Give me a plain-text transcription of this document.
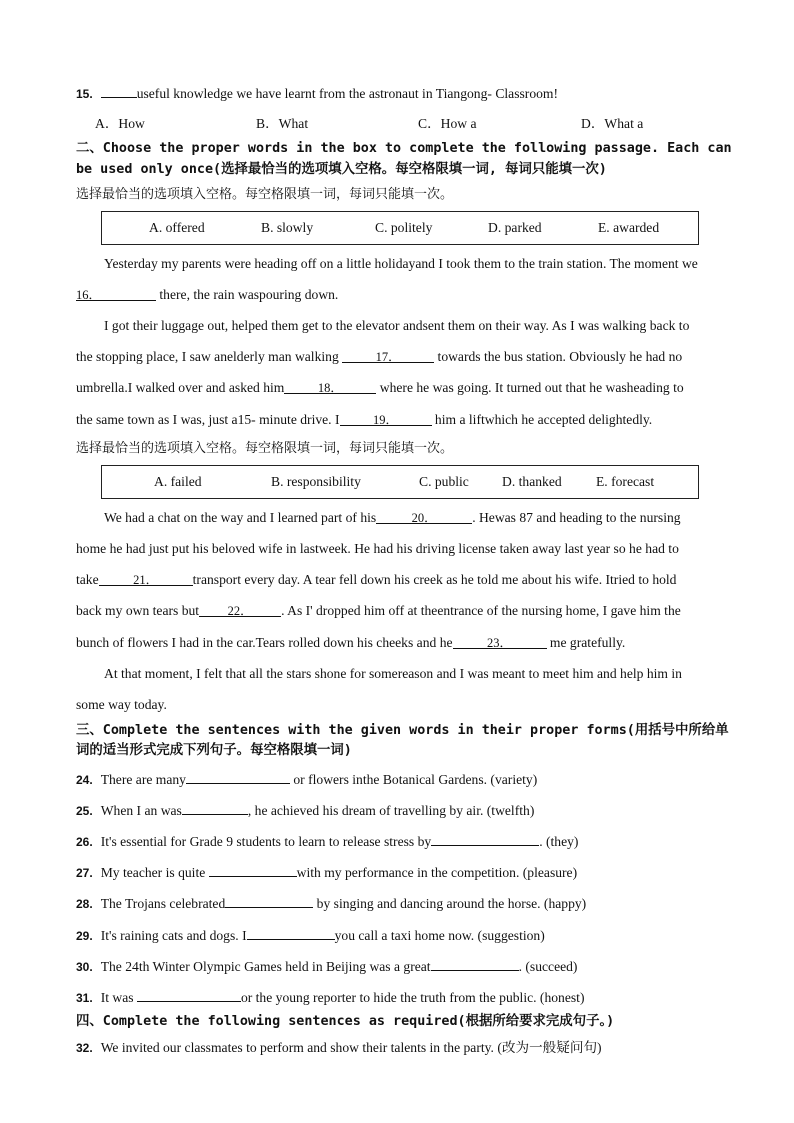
15.	useful knowledge we have learnt from the astronaut in Tiangong- Classroom!
A．How	B．What	C．How a	D．What a
二、Choose the proper words in the box to complete the following passage. Each can
be used only once(选择最恰当的选项填入空格。每空格限填一词, 每词只能填一次)
选择最恰当的选项填入空格。每空格限填一词，每词只能填一次。
A. offered	B. slowly	C. politely	D. parked	E. awarded
Yesterday my parents were heading off on a little holidayand I took them to the train station. The moment we
16．	there, the rain waspouring down.
I got their luggage out, helped them get to the elevator andsent them on their way. As I was walking back to
the stopping place, I saw anelderly man walking	17． towards the bus station. Obviously he had no
umbrella.I walked over and asked him	18． where he was going. It turned out that he washeading to
the same town as I was, just a15- minute drive. I	19． him a liftwhich he accepted delightedly.
选择最恰当的选项填入空格。每空格限填一词，每词只能填一次。
A. failed	B. responsibility	C. public D. thanked	E. forecast
We had a chat on the way and I learned part of his	20．	. Hewas 87 and heading to the nursing
home he had just put his beloved wife in lastweek. He had his driving license taken away last year so he had to
take	21．	transport every day. A tear fell down his creek as he told me about his wife. Itried to hold
back my own tears but 22． . As I' dropped him off at theentrance of the nursing home, I gave him the
bunch of flowers I had in the car.Tears rolled down his cheeks and he	23．	me gratefully.
At that moment, I felt that all the stars shone for somereason and I was meant to meet him and help him in
some way today.
三、Complete the sentences with the given words in their proper forms(用括号中所给单
词的适当形式完成下列句子。每空格限填一词)
24. There are many	or flowers inthe Botanical Gardens. (variety)
25. When I an was	, he achieved his dream of travelling by air. (twelfth)
26. It's essential for Grade 9 students to learn to release stress by	. (they)
27. My teacher is quite	with my performance in the competition. (pleasure)
28. The Trojans celebrated	by singing and dancing around the horse. (happy)
29. It's raining cats and dogs. I	you call a taxi home now. (suggestion)
30. The 24th Winter Olympic Games held in Beijing was a great	. (succeed)
31. It was	or the young reporter to hide the truth from the public. (honest)
四、Complete the following sentences as required(根据所给要求完成句子。)
32. We invited our classmates to perform and show their talents in the party. (改为一般疑问句)
